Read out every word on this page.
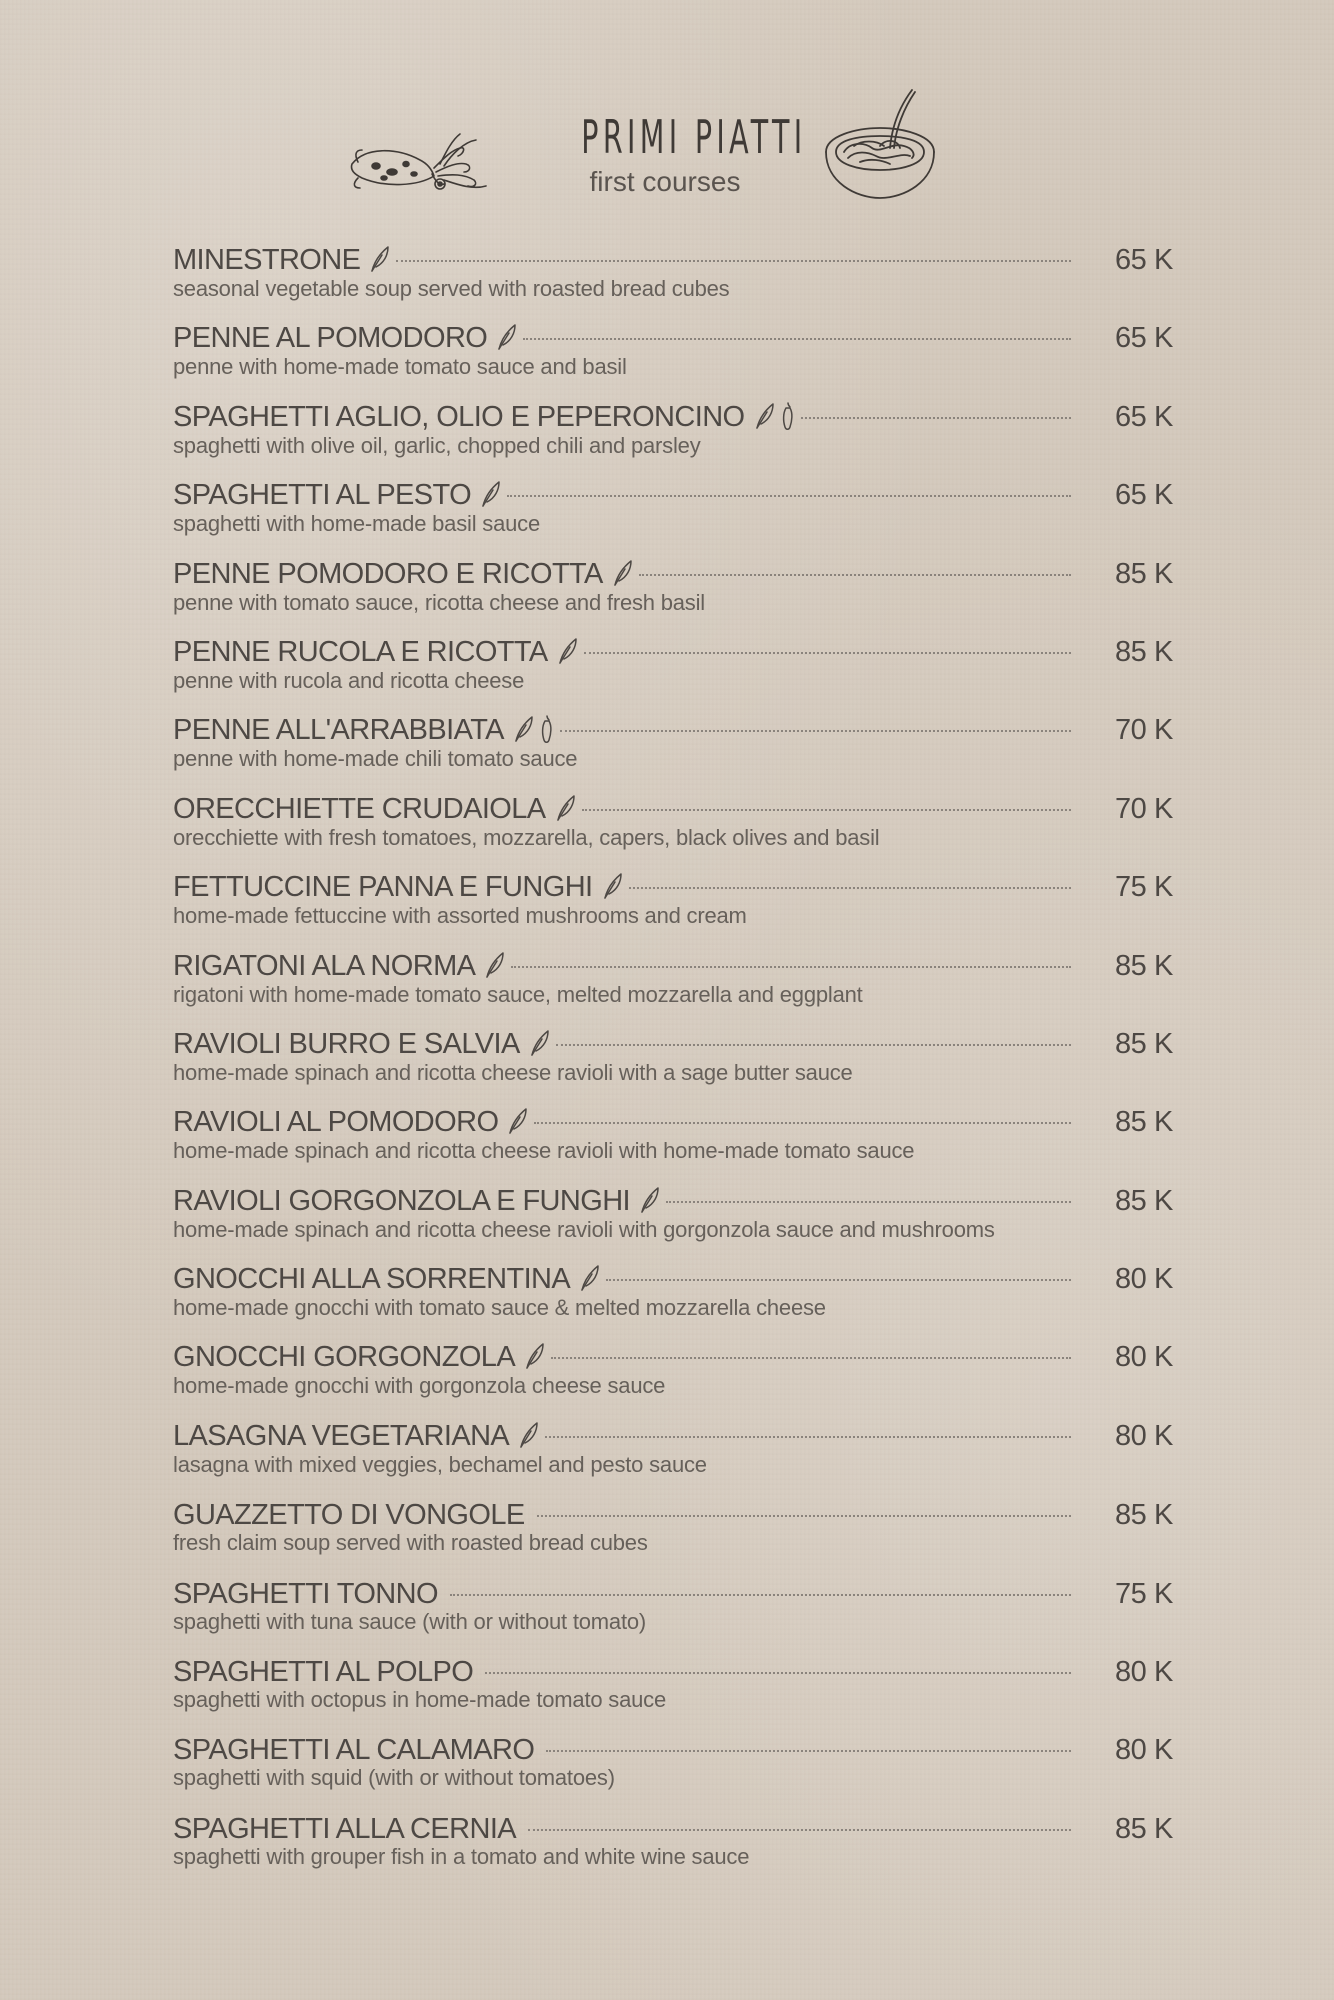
PRIMI PIATTI
first courses
MINESTRONE	65 K
seasonal vegetable soup served with roasted bread cubes
PENNE AL POMODORO	65 K
penne with home-made tomato sauce and basil
SPAGHETTI AGLIO, OLIO E PEPERONCINO	65 K
spaghetti with olive oil, garlic, chopped chili and parsley
SPAGHETTI AL PESTO	65 K
spaghetti with home-made basil sauce
PENNE POMODORO E RICOTTA	85 K
penne with tomato sauce, ricotta cheese and fresh basil
PENNE RUCOLA E RICOTTA	85 K
penne with rucola and ricotta cheese
PENNE ALL'ARRABBIATA	70 K
penne with home-made chili tomato sauce
ORECCHIETTE CRUDAIOLA	70 K
orecchiette with fresh tomatoes, mozzarella, capers, black olives and basil
FETTUCCINE PANNA E FUNGHI	75 K
home-made fettuccine with assorted mushrooms and cream
RIGATONI ALA NORMA	85 K
rigatoni with home-made tomato sauce, melted mozzarella and eggplant
RAVIOLI BURRO E SALVIA	85 K
home-made spinach and ricotta cheese ravioli with a sage butter sauce
RAVIOLI AL POMODORO	85 K
home-made spinach and ricotta cheese ravioli with home-made tomato sauce
RAVIOLI GORGONZOLA E FUNGHI	85 K
home-made spinach and ricotta cheese ravioli with gorgonzola sauce and mushrooms
GNOCCHI ALLA SORRENTINA	80 K
home-made gnocchi with tomato sauce & melted mozzarella cheese
GNOCCHI GORGONZOLA	80 K
home-made gnocchi with gorgonzola cheese sauce
LASAGNA VEGETARIANA	80 K
lasagna with mixed veggies, bechamel and pesto sauce
GUAZZETTO DI VONGOLE	85 K
fresh claim soup served with roasted bread cubes
SPAGHETTI TONNO	75 K
spaghetti with tuna sauce (with or without tomato)
SPAGHETTI AL POLPO	80 K
spaghetti with octopus in home-made tomato sauce
SPAGHETTI AL CALAMARO	80 K
spaghetti with squid (with or without tomatoes)
SPAGHETTI ALLA CERNIA	85 K
spaghetti with grouper fish in a tomato and white wine sauce
